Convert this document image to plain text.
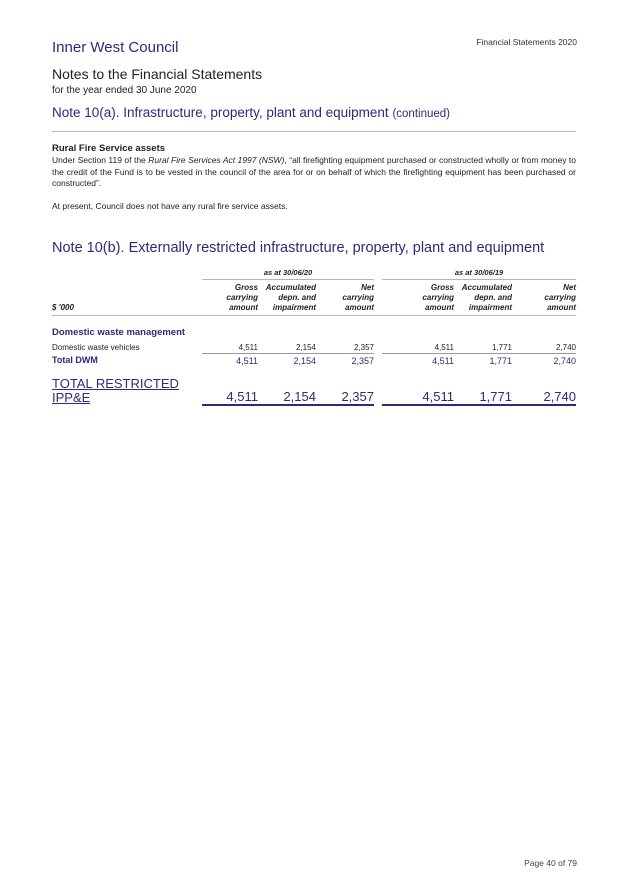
Financial Statements 2020
Inner West Council
Notes to the Financial Statements
for the year ended 30 June 2020
Note 10(a). Infrastructure, property, plant and equipment (continued)
Rural Fire Service assets
Under Section 119 of the Rural Fire Services Act 1997 (NSW), “all firefighting equipment purchased or constructed wholly or from money to the credit of the Fund is to be vested in the council of the area for or on behalf of which the firefighting equipment has been purchased or constructed”.
At present, Council does not have any rural fire service assets.
Note 10(b). Externally restricted infrastructure, property, plant and equipment
	as at 30/06/20				as at 30/06/19		
$ '000	Gross
carrying
amount	Accumulated
depn. and
impairment	Net
carrying
amount		Gross
carrying
amount	Accumulated
depn. and
impairment	Net
carrying
amount
Domestic waste management							
Domestic waste vehicles	4,511	2,154	2,357		4,511	1,771	2,740
Total DWM	4,511	2,154	2,357		4,511	1,771	2,740
TOTAL RESTRICTED
IPP&E	4,511	2,154	2,357		4,511	1,771	2,740
Page 40 of 79
